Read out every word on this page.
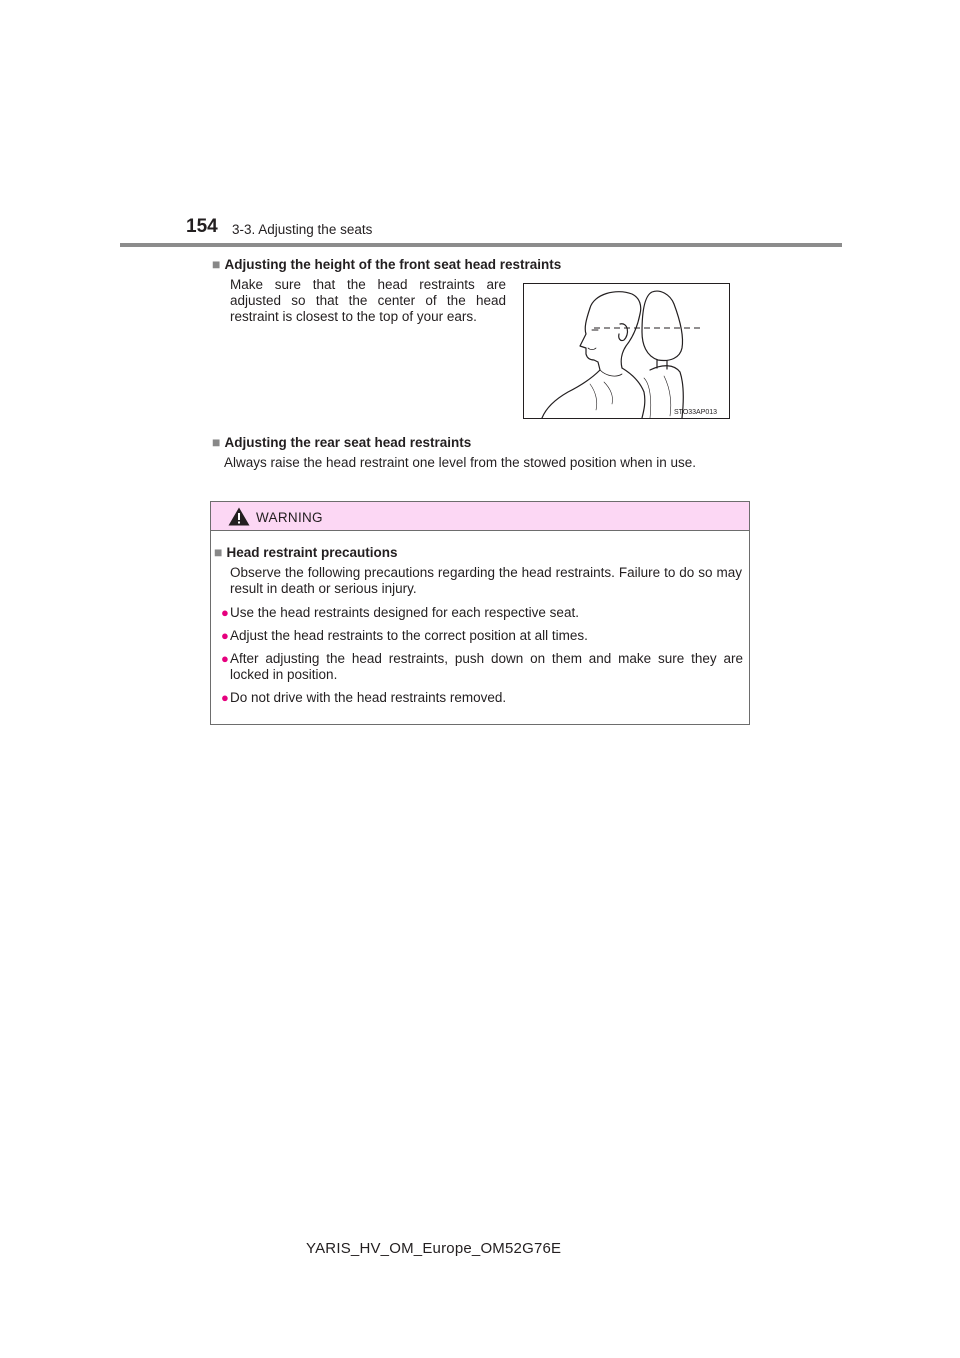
154 3-3. Adjusting the seats
■ Adjusting the height of the front seat head restraints
Make sure that the head restraints are adjusted so that the center of the head restraint is closest to the top of your ears.
STO33AP013
■ Adjusting the rear seat head restraints
Always raise the head restraint one level from the stowed position when in use.
WARNING
■ Head restraint precautions
Observe the following precautions regarding the head restraints. Failure to do so may result in death or serious injury.
● Use the head restraints designed for each respective seat.
● Adjust the head restraints to the correct position at all times.
● After adjusting the head restraints, push down on them and make sure they are locked in position.
● Do not drive with the head restraints removed.
YARIS_HV_OM_Europe_OM52G76E
